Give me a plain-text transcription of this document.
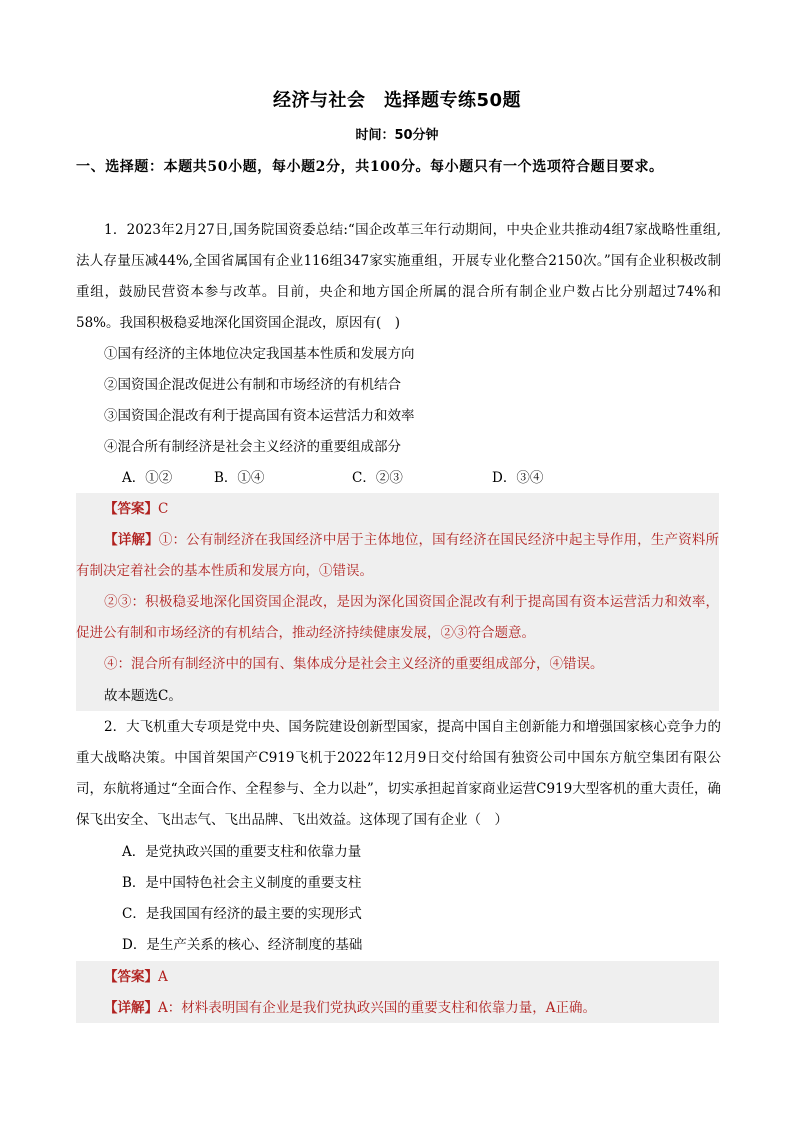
经济与社会　选择题专练50题
时间：50分钟
一、选择题：本题共50小题，每小题2分，共100分。每小题只有一个选项符合题目要求。
1．2023年2月27日,国务院国资委总结:“国企改革三年行动期间，中央企业共推动4组7家战略性重组,法人存量压减44%,全国省属国有企业116组347家实施重组，开展专业化整合2150次。”国有企业积极改制重组，鼓励民营资本参与改革。目前，央企和地方国企所属的混合所有制企业户数占比分别超过74%和58%。我国积极稳妥地深化国资国企混改，原因有(　)
①国有经济的主体地位决定我国基本性质和发展方向
②国资国企混改促进公有制和市场经济的有机结合
③国资国企混改有利于提高国有资本运营活力和效率
④混合所有制经济是社会主义经济的重要组成部分
A．①②	B．①④	C．②③	D．③④
【答案】C
【详解】①：公有制经济在我国经济中居于主体地位，国有经济在国民经济中起主导作用，生产资料所有制决定着社会的基本性质和发展方向，①错误。
②③：积极稳妥地深化国资国企混改，是因为深化国资国企混改有利于提高国有资本运营活力和效率，促进公有制和市场经济的有机结合，推动经济持续健康发展，②③符合题意。
④：混合所有制经济中的国有、集体成分是社会主义经济的重要组成部分，④错误。
故本题选C。
2．大飞机重大专项是党中央、国务院建设创新型国家，提高中国自主创新能力和增强国家核心竞争力的重大战略决策。中国首架国产C919飞机于2022年12月9日交付给国有独资公司中国东方航空集团有限公司，东航将通过“全面合作、全程参与、全力以赴”，切实承担起首家商业运营C919大型客机的重大责任，确保飞出安全、飞出志气、飞出品牌、飞出效益。这体现了国有企业（　）
A．是党执政兴国的重要支柱和依靠力量
B．是中国特色社会主义制度的重要支柱
C．是我国国有经济的最主要的实现形式
D．是生产关系的核心、经济制度的基础
【答案】A
【详解】A：材料表明国有企业是我们党执政兴国的重要支柱和依靠力量，A正确。
